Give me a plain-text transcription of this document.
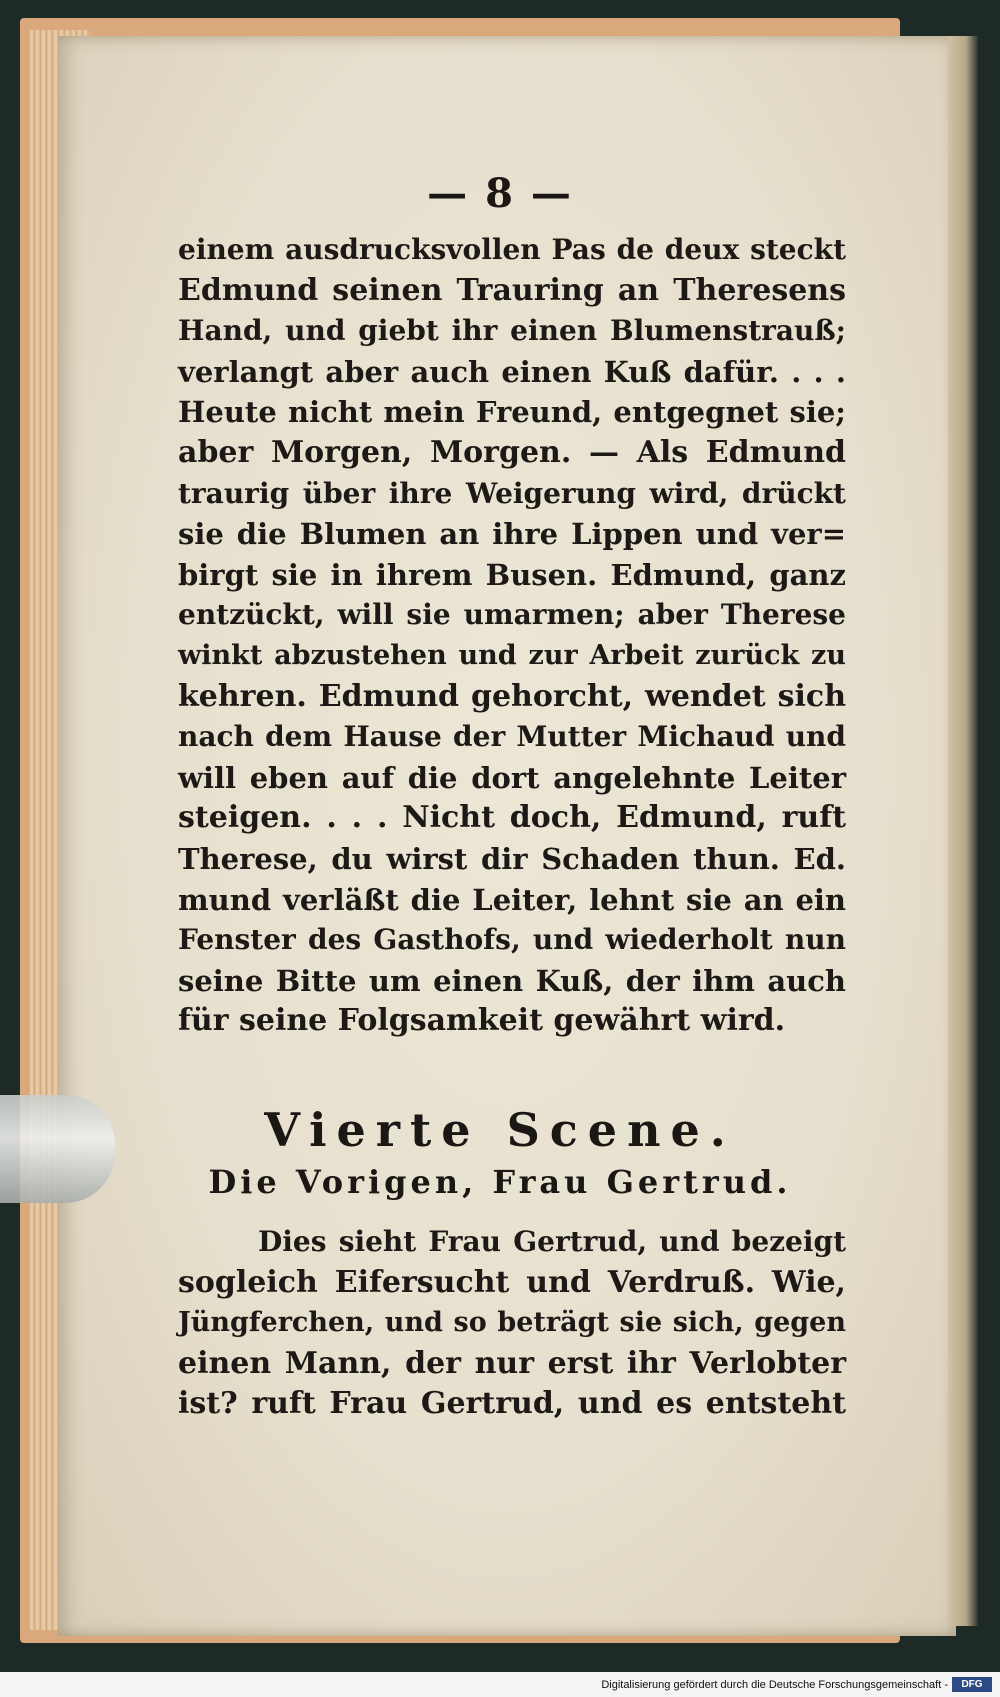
— 8 —
einem ausdrucksvollen Pas de deux steckt
Edmund seinen Trauring an Theresens
Hand, und giebt ihr einen Blumenstrauß;
verlangt aber auch einen Kuß dafür. . . .
Heute nicht mein Freund, entgegnet sie;
aber Morgen, Morgen. — Als Edmund
traurig über ihre Weigerung wird, drückt
sie die Blumen an ihre Lippen und ver=
birgt sie in ihrem Busen. Edmund, ganz
entzückt, will sie umarmen; aber Therese
winkt abzustehen und zur Arbeit zurück zu
kehren. Edmund gehorcht, wendet sich
nach dem Hause der Mutter Michaud und
will eben auf die dort angelehnte Leiter
steigen. . . . Nicht doch, Edmund, ruft
Therese, du wirst dir Schaden thun. Ed.
mund verläßt die Leiter, lehnt sie an ein
Fenster des Gasthofs, und wiederholt nun
seine Bitte um einen Kuß, der ihm auch
für seine Folgsamkeit gewährt wird.
Vierte Scene.
Die Vorigen, Frau Gertrud.
Dies sieht Frau Gertrud, und bezeigt
sogleich Eifersucht und Verdruß. Wie,
Jüngferchen, und so beträgt sie sich, gegen
einen Mann, der nur erst ihr Verlobter
ist? ruft Frau Gertrud, und es entsteht
Digitalisierung gefördert durch die Deutsche Forschungsgemeinschaft -	DFG
